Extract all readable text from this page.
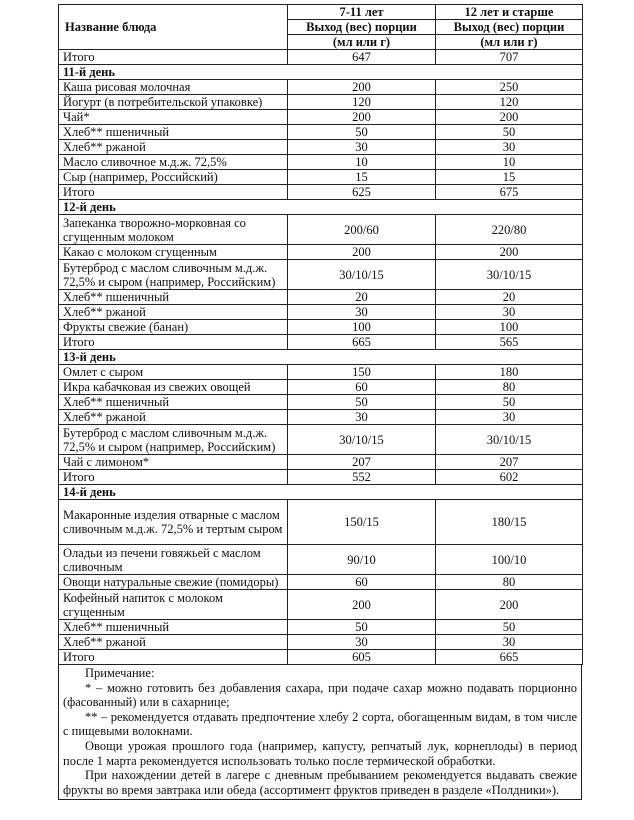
Название блюда	7-11 лет	12 лет и старше
	Выход (вес) порции	Выход (вес) порции
	(мл или г)	(мл или г)
Итого	647	707
11-й день		
Каша рисовая молочная	200	250
Йогурт (в потребительской упаковке)	120	120
Чай*	200	200
Хлеб** пшеничный	50	50
Хлеб** ржаной	30	30
Масло сливочное м.д.ж. 72,5%	10	10
Сыр (например, Российский)	15	15
Итого	625	675
12-й день		
Запеканка творожно-морковная со сгущенным молоком	200/60	220/80
Какао с молоком сгущенным	200	200
Бутерброд с маслом сливочным м.д.ж. 72,5% и сыром (например, Российским)	30/10/15	30/10/15
Хлеб** пшеничный	20	20
Хлеб** ржаной	30	30
Фрукты свежие (банан)	100	100
Итого	665	565
13-й день		
Омлет с сыром	150	180
Икра кабачковая из свежих овощей	60	80
Хлеб** пшеничный	50	50
Хлеб** ржаной	30	30
Бутерброд с маслом сливочным м.д.ж. 72,5% и сыром (например, Российским)	30/10/15	30/10/15
Чай с лимоном*	207	207
Итого	552	602
14-й день		
Макаронные изделия отварные с маслом сливочным м.д.ж. 72,5% и тертым сыром	150/15	180/15
Оладьи из печени говяжьей с маслом сливочным	90/10	100/10
Овощи натуральные свежие (помидоры)	60	80
Кофейный напиток с молоком сгущенным	200	200
Хлеб** пшеничный	50	50
Хлеб** ржаной	30	30
Итого	605	665

Примечание:

* – можно готовить без добавления сахара, при подаче сахар можно подавать порционно (фасованный) или в сахарнице;

** – рекомендуется отдавать предпочтение хлебу 2 сорта, обогащенным видам, в том числе с пищевыми волокнами.

Овощи урожая прошлого года (например, капусту, репчатый лук, корнеплоды) в период после 1 марта рекомендуется использовать только после термической обработки.

При нахождении детей в лагере с дневным пребыванием рекомендуется выдавать свежие фрукты во время завтрака или обеда (ассортимент фруктов приведен в разделе «Полдники»).
